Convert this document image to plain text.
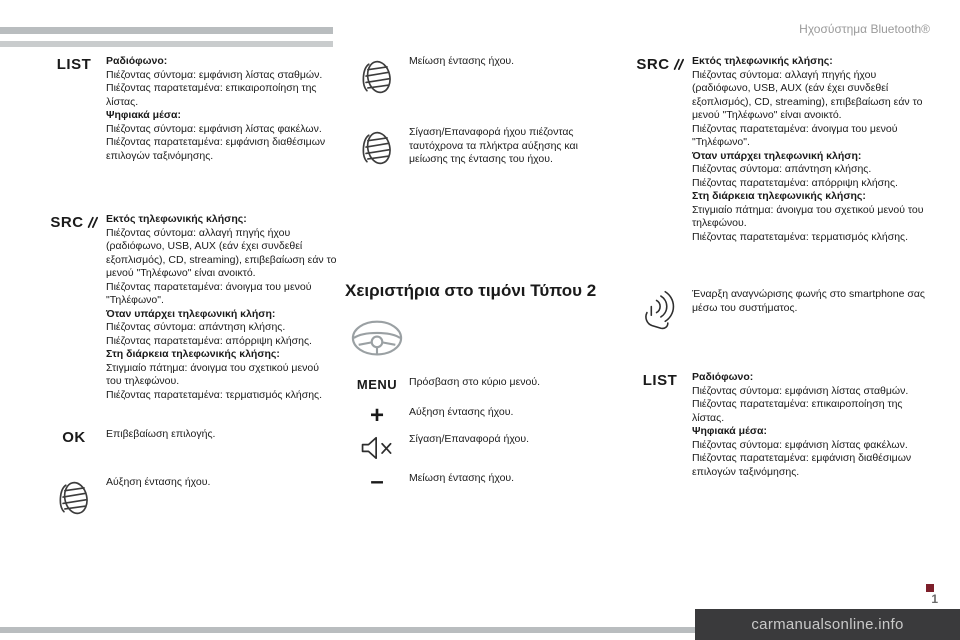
Ηχοσύστημα Bluetooth®
LIST Ραδιόφωνο:
Πιέζοντας σύντομα: εμφάνιση λίστας σταθμών.
Πιέζοντας παρατεταμένα: επικαιροποίηση της λίστας.
Ψηφιακά μέσα:
Πιέζοντας σύντομα: εμφάνιση λίστας φακέλων.
Πιέζοντας παρατεταμένα: εμφάνιση διαθέσιμων επιλογών ταξινόμησης.
SRC Εκτός τηλεφωνικής κλήσης:
Πιέζοντας σύντομα: αλλαγή πηγής ήχου (ραδιόφωνο, USB, AUX (εάν έχει συνδεθεί εξοπλισμός), CD, streaming), επιβεβαίωση εάν το μενού "Τηλέφωνο" είναι ανοικτό.
Πιέζοντας παρατεταμένα: άνοιγμα του μενού "Τηλέφωνο".
Όταν υπάρχει τηλεφωνική κλήση:
Πιέζοντας σύντομα: απάντηση κλήσης.
Πιέζοντας παρατεταμένα: απόρριψη κλήσης.
Στη διάρκεια τηλεφωνικής κλήσης:
Στιγμιαίο πάτημα: άνοιγμα του σχετικού μενού του τηλεφώνου.
Πιέζοντας παρατεταμένα: τερματισμός κλήσης.
OK Επιβεβαίωση επιλογής.
Αύξηση έντασης ήχου.
Μείωση έντασης ήχου.
Σίγαση/Επαναφορά ήχου πιέζοντας ταυτόχρονα τα πλήκτρα αύξησης και μείωσης της έντασης του ήχου.
Χειριστήρια στο τιμόνι Τύπου 2
MENU Πρόσβαση στο κύριο μενού.
+ Αύξηση έντασης ήχου.
Σίγαση/Επαναφορά ήχου.
– Μείωση έντασης ήχου.
SRC Εκτός τηλεφωνικής κλήσης:
Πιέζοντας σύντομα: αλλαγή πηγής ήχου (ραδιόφωνο, USB, AUX (εάν έχει συνδεθεί εξοπλισμός), CD, streaming), επιβεβαίωση εάν το μενού "Τηλέφωνο" είναι ανοικτό.
Πιέζοντας παρατεταμένα: άνοιγμα του μενού "Τηλέφωνο".
Όταν υπάρχει τηλεφωνική κλήση:
Πιέζοντας σύντομα: απάντηση κλήσης.
Πιέζοντας παρατεταμένα: απόρριψη κλήσης.
Στη διάρκεια τηλεφωνικής κλήσης:
Στιγμιαίο πάτημα: άνοιγμα του σχετικού μενού του τηλεφώνου.
Πιέζοντας παρατεταμένα: τερματισμός κλήσης.
Έναρξη αναγνώρισης φωνής στο smartphone σας μέσω του συστήματος.
LIST Ραδιόφωνο:
Πιέζοντας σύντομα: εμφάνιση λίστας σταθμών.
Πιέζοντας παρατεταμένα: επικαιροποίηση της λίστας.
Ψηφιακά μέσα:
Πιέζοντας σύντομα: εμφάνιση λίστας φακέλων.
Πιέζοντας παρατεταμένα: εμφάνιση διαθέσιμων επιλογών ταξινόμησης.
1
carmanualsonline.info
